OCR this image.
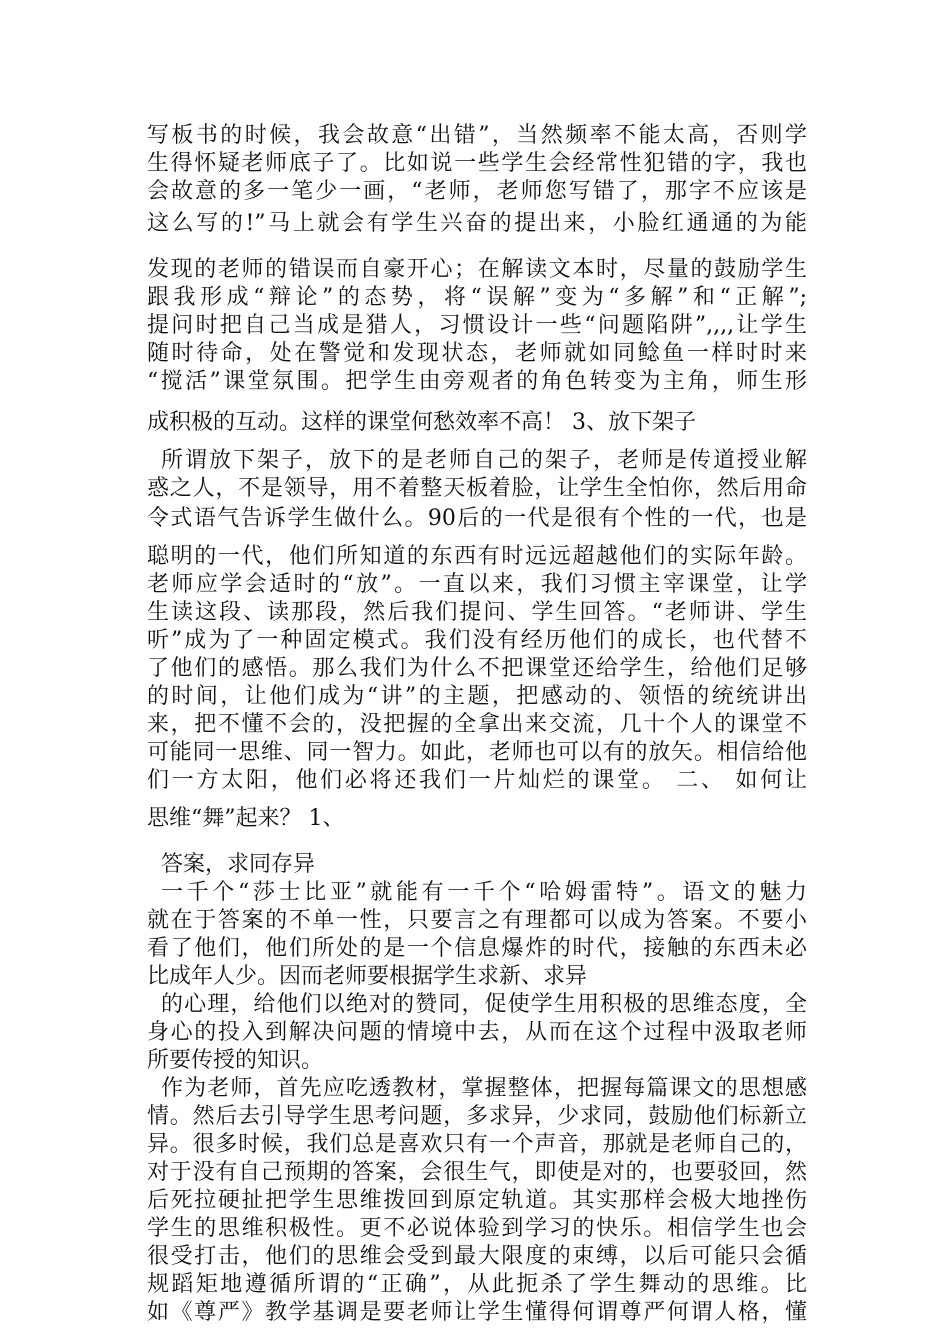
写板书的时候，我会故意“出错”，当然频率不能太高，否则学
生得怀疑老师底子了。比如说一些学生会经常性犯错的字，我也
会故意的多一笔少一画，“老师，老师您写错了，那字不应该是
这么写的!”马上就会有学生兴奋的提出来，小脸红通通的为能
发现的老师的错误而自豪开心；在解读文本时，尽量的鼓励学生
跟我形成“辩论”的态势，将“误解”变为“多解”和“正解”;
提问时把自己当成是猎人，习惯设计一些“问题陷阱”,,,,让学生
随时待命，处在警觉和发现状态，老师就如同鲶鱼一样时时来
“搅活”课堂氛围。把学生由旁观者的角色转变为主角，师生形
成积极的互动。这样的课堂何愁效率不高！ 3、放下架子
所谓放下架子，放下的是老师自己的架子，老师是传道授业解
惑之人，不是领导，用不着整天板着脸，让学生全怕你，然后用命
令式语气告诉学生做什么。90后的一代是很有个性的一代，也是
聪明的一代，他们所知道的东西有时远远超越他们的实际年龄。
老师应学会适时的“放”。一直以来，我们习惯主宰课堂，让学
生读这段、读那段，然后我们提问、学生回答。“老师讲、学生
听”成为了一种固定模式。我们没有经历他们的成长，也代替不
了他们的感悟。那么我们为什么不把课堂还给学生，给他们足够
的时间，让他们成为“讲”的主题，把感动的、领悟的统统讲出
来，把不懂不会的，没把握的全拿出来交流，几十个人的课堂不
可能同一思维、同一智力。如此，老师也可以有的放矢。相信给他
们一方太阳，他们必将还我们一片灿烂的课堂。 二、 如何让
思维“舞”起来？ 1、
答案，求同存异
一千个“莎士比亚”就能有一千个“哈姆雷特”。语文的魅力
就在于答案的不单一性，只要言之有理都可以成为答案。不要小
看了他们，他们所处的是一个信息爆炸的时代，接触的东西未必
比成年人少。因而老师要根据学生求新、求异
的心理，给他们以绝对的赞同，促使学生用积极的思维态度，全
身心的投入到解决问题的情境中去，从而在这个过程中汲取老师
所要传授的知识。
作为老师，首先应吃透教材，掌握整体，把握每篇课文的思想感
情。然后去引导学生思考问题，多求异，少求同，鼓励他们标新立
异。很多时候，我们总是喜欢只有一个声音，那就是老师自己的，
对于没有自己预期的答案，会很生气，即使是对的，也要驳回，然
后死拉硬扯把学生思维拨回到原定轨道。其实那样会极大地挫伤
学生的思维积极性。更不必说体验到学习的快乐。相信学生也会
很受打击，他们的思维会受到最大限度的束缚，以后可能只会循
规蹈矩地遵循所谓的“正确”，从此扼杀了学生舞动的思维。比
如《尊严》教学基调是要老师让学生懂得何谓尊严何谓人格，懂
